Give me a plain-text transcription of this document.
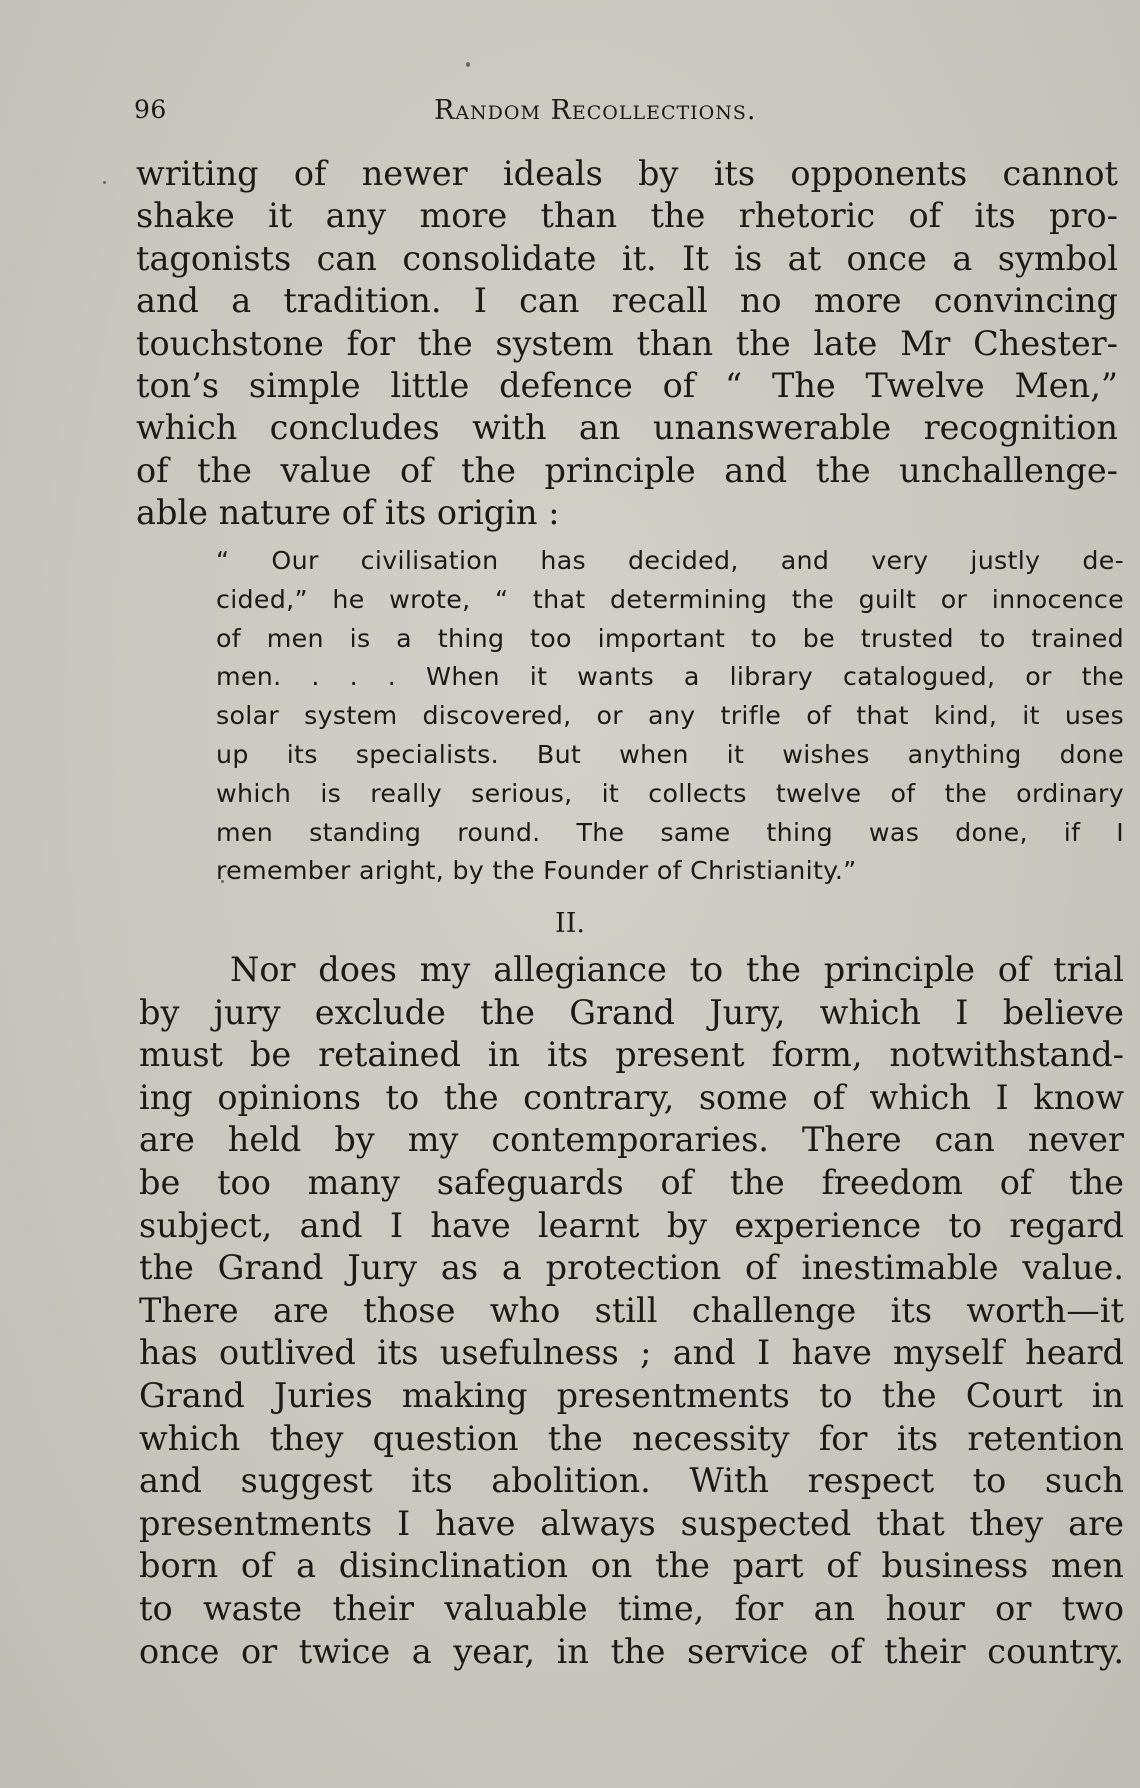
96	Random Recollections.
writing of newer ideals by its opponents cannot
shake it any more than the rhetoric of its pro-
tagonists can consolidate it. It is at once a symbol
and a tradition. I can recall no more convincing
touchstone for the system than the late Mr Chester-
ton’s simple little defence of “ The Twelve Men,”
which concludes with an unanswerable recognition
of the value of the principle and the unchallenge-
able nature of its origin :
“ Our civilisation has decided, and very justly de-
cided,” he wrote, “ that determining the guilt or innocence
of men is a thing too important to be trusted to trained
men. . . . When it wants a library catalogued, or the
solar system discovered, or any trifle of that kind, it uses
up its specialists. But when it wishes anything done
which is really serious, it collects twelve of the ordinary
men standing round. The same thing was done, if I
remember aright, by the Founder of Christianity.”
II.
Nor does my allegiance to the principle of trial
by jury exclude the Grand Jury, which I believe
must be retained in its present form, notwithstand-
ing opinions to the contrary, some of which I know
are held by my contemporaries. There can never
be too many safeguards of the freedom of the
subject, and I have learnt by experience to regard
the Grand Jury as a protection of inestimable value.
There are those who still challenge its worth—it
has outlived its usefulness ; and I have myself heard
Grand Juries making presentments to the Court in
which they question the necessity for its retention
and suggest its abolition. With respect to such
presentments I have always suspected that they are
born of a disinclination on the part of business men
to waste their valuable time, for an hour or two
once or twice a year, in the service of their country.
